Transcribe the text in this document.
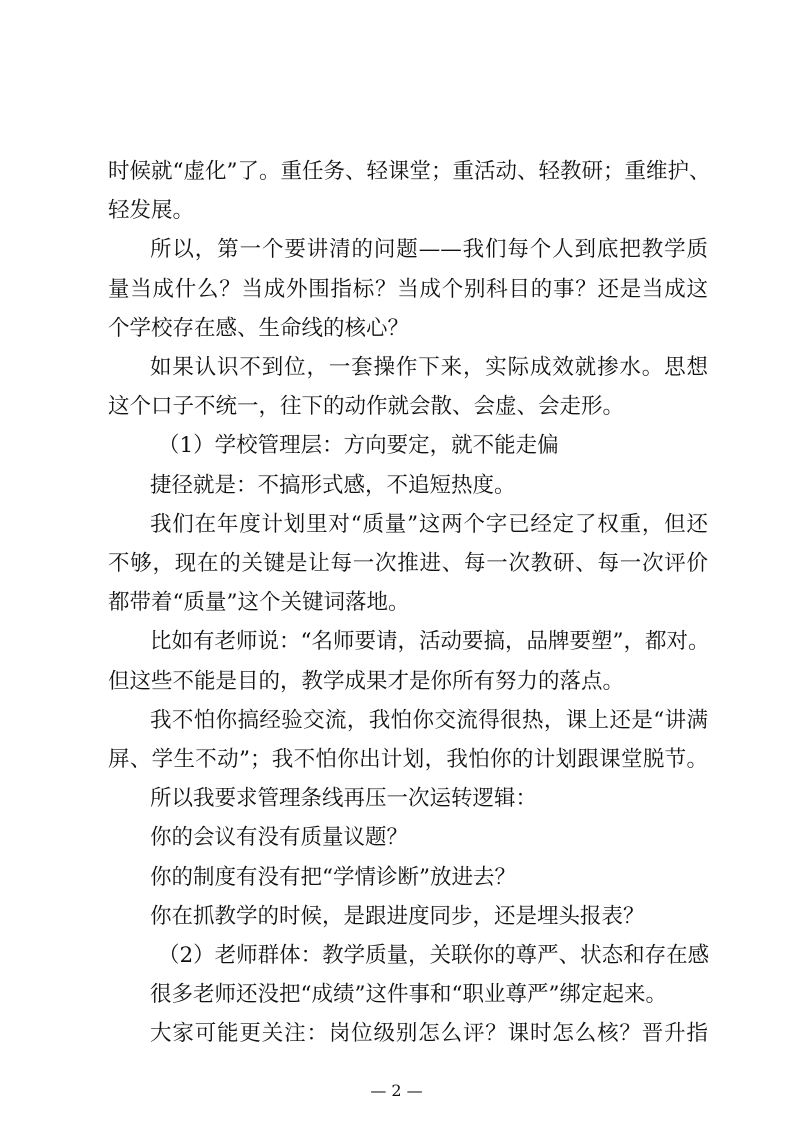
时候就“虚化”了。重任务、轻课堂；重活动、轻教研；重维护、
轻发展。
所以，第一个要讲清的问题——我们每个人到底把教学质
量当成什么？当成外围指标？当成个别科目的事？还是当成这
个学校存在感、生命线的核心？
如果认识不到位，一套操作下来，实际成效就掺水。思想
这个口子不统一，往下的动作就会散、会虚、会走形。
（1）学校管理层：方向要定，就不能走偏
捷径就是：不搞形式感，不追短热度。
我们在年度计划里对“质量”这两个字已经定了权重，但还
不够，现在的关键是让每一次推进、每一次教研、每一次评价
都带着“质量”这个关键词落地。
比如有老师说：“名师要请，活动要搞，品牌要塑”，都对。
但这些不能是目的，教学成果才是你所有努力的落点。
我不怕你搞经验交流，我怕你交流得很热，课上还是“讲满
屏、学生不动”；我不怕你出计划，我怕你的计划跟课堂脱节。
所以我要求管理条线再压一次运转逻辑：
你的会议有没有质量议题？
你的制度有没有把“学情诊断”放进去？
你在抓教学的时候，是跟进度同步，还是埋头报表？
（2）老师群体：教学质量，关联你的尊严、状态和存在感
很多老师还没把“成绩”这件事和“职业尊严”绑定起来。
大家可能更关注：岗位级别怎么评？课时怎么核？晋升指
— 2 —
